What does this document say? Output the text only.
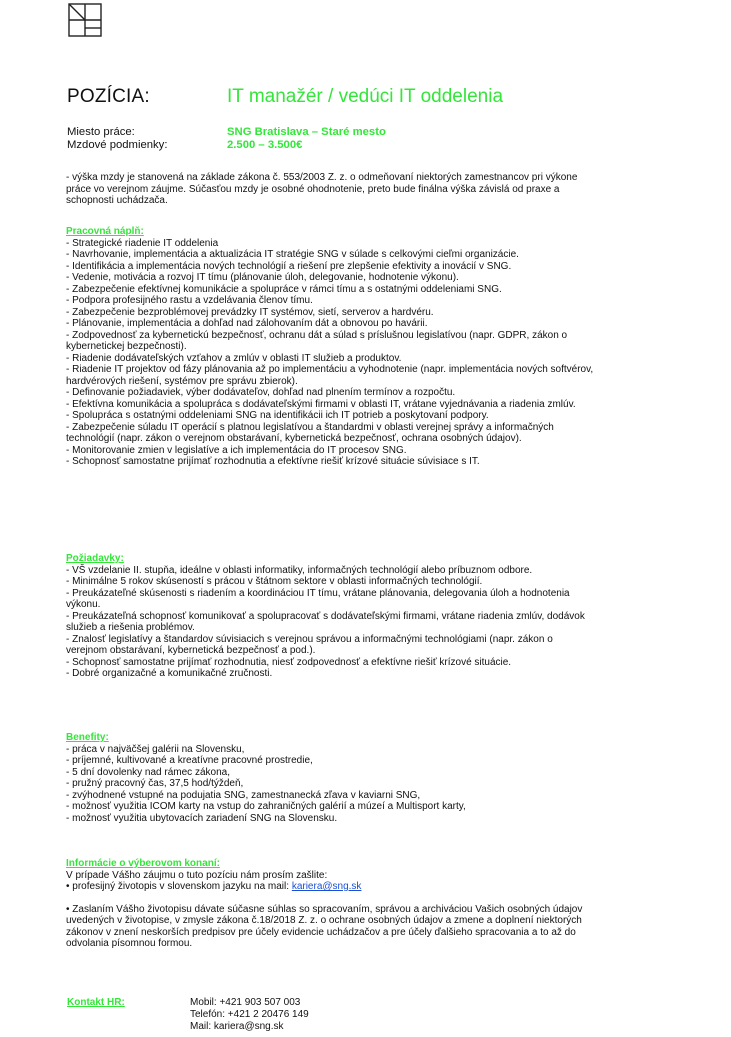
POZÍCIA:	IT manažér / vedúci IT oddelenia
Miesto práce:	SNG Bratislava – Staré mesto
Mzdové podmienky:	2.500 – 3.500€

- výška mzdy je stanovená na základe zákona č. 553/2003 Z. z. o odmeňovaní niektorých zamestnancov pri výkone práce vo verejnom záujme. Súčasťou mzdy je osobné ohodnotenie, preto bude finálna výška závislá od praxe a schopnosti uchádzača.

Pracovná náplň:

- Strategické riadenie IT oddelenia
- Navrhovanie, implementácia a aktualizácia IT stratégie SNG v súlade s celkovými cieľmi organizácie.
- Identifikácia a implementácia nových technológií a riešení pre zlepšenie efektivity a inovácií v SNG.
- Vedenie, motivácia a rozvoj IT tímu (plánovanie úloh, delegovanie, hodnotenie výkonu).
- Zabezpečenie efektívnej komunikácie a spolupráce v rámci tímu a s ostatnými oddeleniami SNG.
- Podpora profesijného rastu a vzdelávania členov tímu.
- Zabezpečenie bezproblémovej prevádzky IT systémov, sietí, serverov a hardvéru.
- Plánovanie, implementácia a dohľad nad zálohovaním dát a obnovou po havárii.
- Zodpovednosť za kybernetickú bezpečnosť, ochranu dát a súlad s príslušnou legislatívou (napr. GDPR, zákon o kybernetickej bezpečnosti).
- Riadenie dodávateľských vzťahov a zmlúv v oblasti IT služieb a produktov.
- Riadenie IT projektov od fázy plánovania až po implementáciu a vyhodnotenie (napr. implementácia nových softvérov, hardvérových riešení, systémov pre správu zbierok).
- Definovanie požiadaviek, výber dodávateľov, dohľad nad plnením termínov a rozpočtu.
- Efektívna komunikácia a spolupráca s dodávateľskými firmami v oblasti IT, vrátane vyjednávania a riadenia zmlúv.
- Spolupráca s ostatnými oddeleniami SNG na identifikácii ich IT potrieb a poskytovaní podpory.
- Zabezpečenie súladu IT operácií s platnou legislatívou a štandardmi v oblasti verejnej správy a informačných technológií (napr. zákon o verejnom obstarávaní, kybernetická bezpečnosť, ochrana osobných údajov).
- Monitorovanie zmien v legislatíve a ich implementácia do IT procesov SNG.
- Schopnosť samostatne prijímať rozhodnutia a efektívne riešiť krízové situácie súvisiace s IT.

Požiadavky:

- VŠ vzdelanie II. stupňa, ideálne v oblasti informatiky, informačných technológií alebo príbuznom odbore.
- Minimálne 5 rokov skúseností s prácou v štátnom sektore v oblasti informačných technológií.
- Preukázateľné skúsenosti s riadením a koordináciou IT tímu, vrátane plánovania, delegovania úloh a hodnotenia výkonu.
- Preukázateľná schopnosť komunikovať a spolupracovať s dodávateľskými firmami, vrátane riadenia zmlúv, dodávok služieb a riešenia problémov.
- Znalosť legislatívy a štandardov súvisiacich s verejnou správou a informačnými technológiami (napr. zákon o verejnom obstarávaní, kybernetická bezpečnosť a pod.).
- Schopnosť samostatne prijímať rozhodnutia, niesť zodpovednosť a efektívne riešiť krízové situácie.
- Dobré organizačné a komunikačné zručnosti.

Benefity:

- práca v najväčšej galérii na Slovensku,
- príjemné, kultivované a kreatívne pracovné prostredie,
- 5 dní dovolenky nad rámec zákona,
- pružný pracovný čas, 37,5 hod/týždeň,
- zvýhodnené vstupné na podujatia SNG, zamestnanecká zľava v kaviarni SNG,
- možnosť využitia ICOM karty na vstup do zahraničných galérií a múzeí a Multisport karty,
- možnosť využitia ubytovacích zariadení SNG na Slovensku.

Informácie o výberovom konaní:

V prípade Vášho záujmu o tuto pozíciu nám prosím zašlite:

• profesijný životopis v slovenskom jazyku na mail: kariera@sng.sk

• Zaslaním Vášho životopisu dávate súčasne súhlas so spracovaním, správou a archiváciou Vašich osobných údajov uvedených v životopise, v zmysle zákona č.18/2018 Z. z. o ochrane osobných údajov a zmene a doplnení niektorých zákonov v znení neskorších predpisov pre účely evidencie uchádzačov a pre účely ďalšieho spracovania a to až do odvolania písomnou formou.

Kontakt HR:	Mobil: +421 903 507 003
Telefón: +421 2 20476 149
Mail: kariera@sng.sk
